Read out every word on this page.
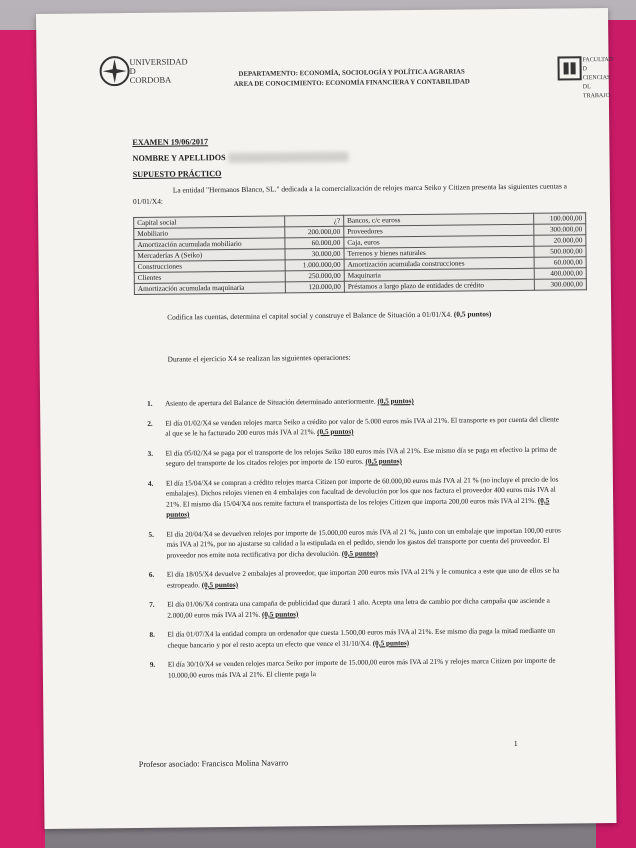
UNIVERSIDAD
D
CORDOBA
DEPARTAMENTO: ECONOMÍA, SOCIOLOGÍA Y POLÍTICA AGRARIAS
AREA DE CONOCIMIENTO: ECONOMÍA FINANCIERA Y CONTABILIDAD
FACULTAD
D CIENCIAS
DL TRABAJO
EXAMEN 19/06/2017
NOMBRE Y APELLIDOS
SUPUESTO PRÁCTICO
La entidad "Hermanos Blanco, SL." dedicada a la comercialización de relojes marca Seiko y Citizen presenta las siguientes cuentas a 01/01/X4:
Capital social	¿?	Bancos, c/c euross	100.000,00
Mobiliario	200.000,00	Proveedores	300.000,00
Amortización acumulada mobiliario	60.000,00	Caja, euros	20.000,00
Mercaderías A (Seiko)	30.000,00	Terrenos y bienes naturales	500.000,00
Construcciones	1.000.000,00	Amortización acumulada construcciones	60.000,00
Clientes	250.000,00	Maquinaria	400.000,00
Amortización acumulada maquinaria	120.000,00	Préstamos a largo plazo de entidades de crédito	300.000,00
Codifica las cuentas, determina el capital social y construye el Balance de Situación a 01/01/X4. (0,5 puntos)
Durante el ejercicio X4 se realizan las siguientes operaciones:
1. Asiento de apertura del Balance de Situación determinado anteriormente. (0,5 puntos)
2. El día 01/02/X4 se venden relojes marca Seiko a crédito por valor de 5.000 euros más IVA al 21%. El transporte es por cuenta del cliente al que se le ha facturado 200 euros más IVA al 21%. (0,5 puntos)
3. El día 05/02/X4 se paga por el transporte de los relojes Seiko 180 euros más IVA al 21%. Ese mismo día se paga en efectivo la prima de seguro del transporte de los citados relojes por importe de 150 euros. (0,5 puntos)
4. El día 15/04/X4 se compran a crédito relojes marca Citizen por importe de 60.000,00 euros más IVA al 21 % (no incluye el precio de los embalajes). Dichos relojes vienen en 4 embalajes con facultad de devolución por los que nos factura el proveedor 400 euros más IVA al 21%. El mismo día 15/04/X4 nos remite factura el transportista de los relojes Citizen que importa 200,00 euros más IVA al 21%. (0,5 puntos)
5. El día 20/04/X4 se devuelven relojes por importe de 15.000,00 euros más IVA al 21 %, junto con un embalaje que importan 100,00 euros más IVA al 21%, por no ajustarse su calidad a la estipulada en el pedido, siendo los gastos del transporte por cuenta del proveedor. El proveedor nos emite nota rectificativa por dicha devolución. (0,5 puntos)
6. El día 18/05/X4 devuelve 2 embalajes al proveedor, que importan 200 euros más IVA al 21% y le comunica a este que uno de ellos se ha estropeado. (0,5 puntos)
7. El día 01/06/X4 contrata una campaña de publicidad que durará 1 año. Acepta una letra de cambio por dicha campaña que asciende a 2.000,00 euros más IVA al 21%. (0,5 puntos)
8. El día 01/07/X4 la entidad compra un ordenador que cuesta 1.500,00 euros más IVA al 21%. Ese mismo día paga la mitad mediante un cheque bancario y por el resto acepta un efecto que vence el 31/10/X4. (0,5 puntos)
9. El día 30/10/X4 se venden relojes marca Seiko por importe de 15.000,00 euros más IVA al 21% y relojes marca Citizen por importe de 10.000,00 euros más IVA al 21%. El cliente paga la
1
Profesor asociado: Francisco Molina Navarro
